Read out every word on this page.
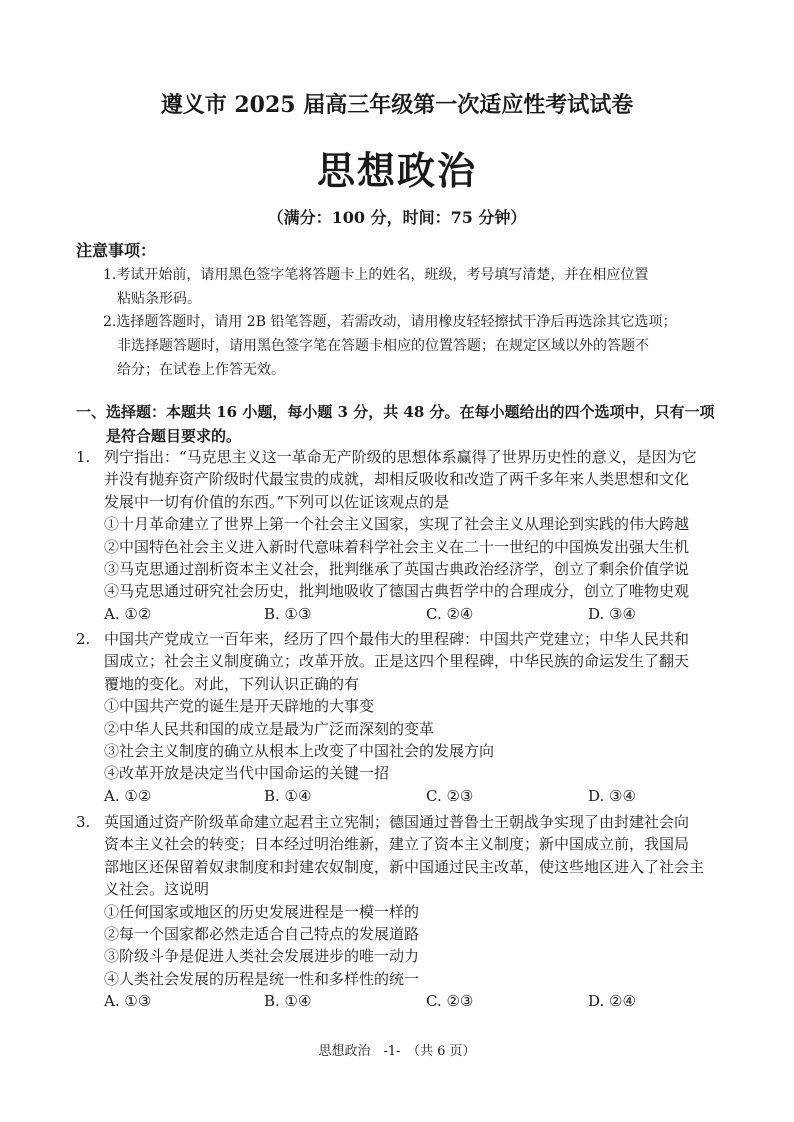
遵义市 2025 届高三年级第一次适应性考试试卷
思想政治
（满分：100 分，时间：75 分钟）
注意事项：
1.考试开始前，请用黑色签字笔将答题卡上的姓名，班级，考号填写清楚，并在相应位置
粘贴条形码。
2.选择题答题时，请用 2B 铅笔答题，若需改动，请用橡皮轻轻擦拭干净后再选涂其它选项；
非选择题答题时，请用黑色签字笔在答题卡相应的位置答题；在规定区域以外的答题不
给分；在试卷上作答无效。
一、选择题：本题共 16 小题，每小题 3 分，共 48 分。在每小题给出的四个选项中，只有一项
是符合题目要求的。
1. 列宁指出：“马克思主义这一革命无产阶级的思想体系赢得了世界历史性的意义，是因为它
并没有抛弃资产阶级时代最宝贵的成就，却相反吸收和改造了两千多年来人类思想和文化
发展中一切有价值的东西。”下列可以佐证该观点的是
①十月革命建立了世界上第一个社会主义国家，实现了社会主义从理论到实践的伟大跨越
②中国特色社会主义进入新时代意味着科学社会主义在二十一世纪的中国焕发出强大生机
③马克思通过剖析资本主义社会，批判继承了英国古典政治经济学，创立了剩余价值学说
④马克思通过研究社会历史，批判地吸收了德国古典哲学中的合理成分，创立了唯物史观
A. ①②	B. ①③	C. ②④	D. ③④
2. 中国共产党成立一百年来，经历了四个最伟大的里程碑：中国共产党建立；中华人民共和
国成立；社会主义制度确立；改革开放。正是这四个里程碑，中华民族的命运发生了翻天
覆地的变化。对此，下列认识正确的有
①中国共产党的诞生是开天辟地的大事变
②中华人民共和国的成立是最为广泛而深刻的变革
③社会主义制度的确立从根本上改变了中国社会的发展方向
④改革开放是决定当代中国命运的关键一招
A. ①②	B. ①④	C. ②③	D. ③④
3. 英国通过资产阶级革命建立起君主立宪制；德国通过普鲁士王朝战争实现了由封建社会向
资本主义社会的转变；日本经过明治维新，建立了资本主义制度；新中国成立前，我国局
部地区还保留着奴隶制度和封建农奴制度，新中国通过民主改革，使这些地区进入了社会主
义社会。这说明
①任何国家或地区的历史发展进程是一模一样的
②每一个国家都必然走适合自己特点的发展道路
③阶级斗争是促进人类社会发展进步的唯一动力
④人类社会发展的历程是统一性和多样性的统一
A. ①③	B. ①④	C. ②③	D. ②④
思想政治　-1-　（共 6 页）
